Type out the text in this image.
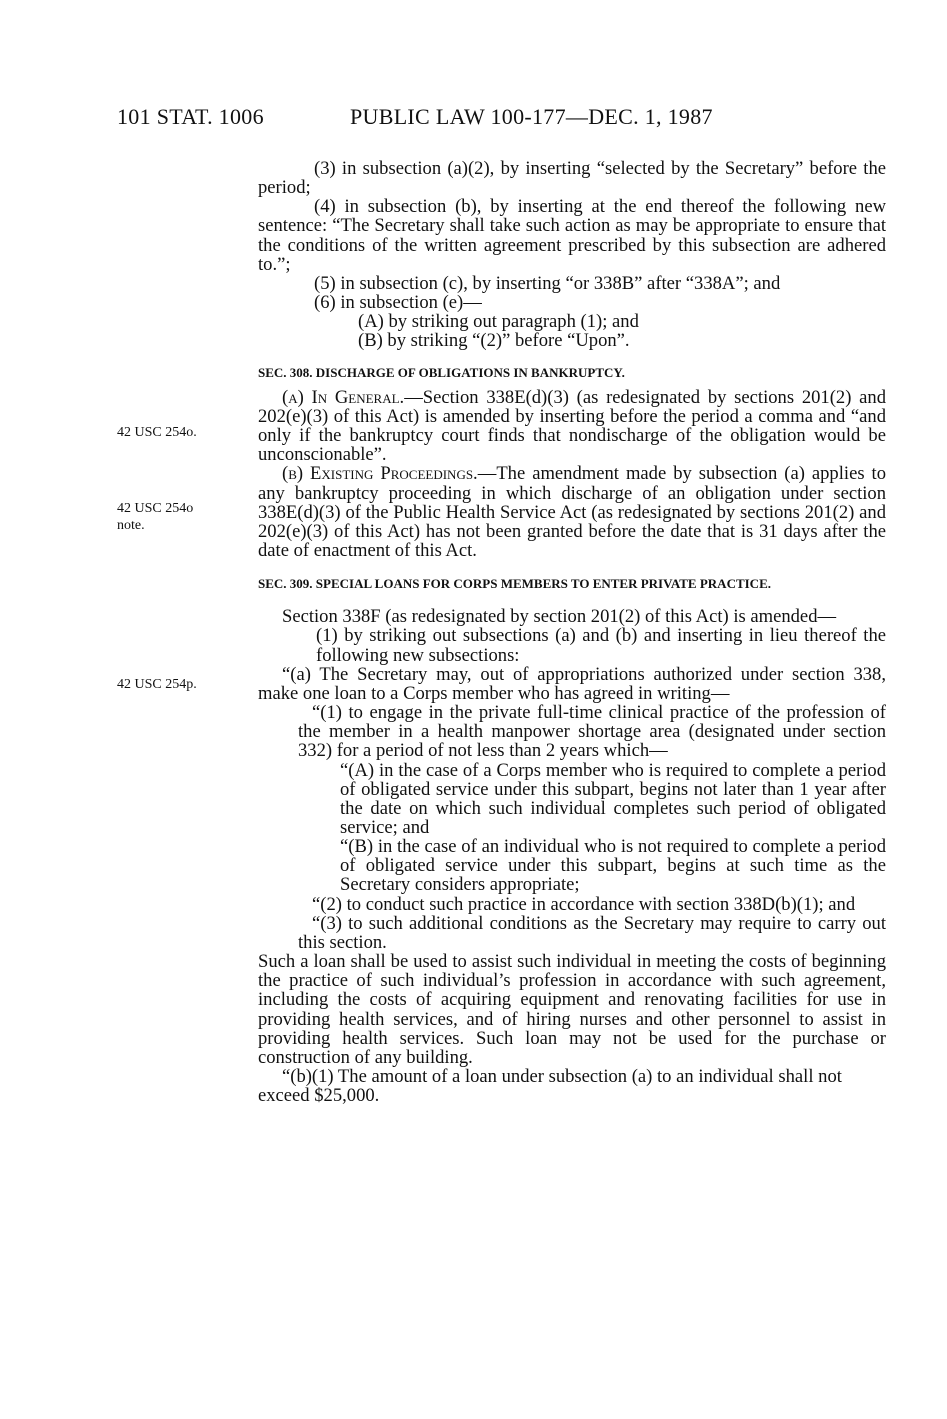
101 STAT. 1006	PUBLIC LAW 100-177—DEC. 1, 1987
42 USC 254o.
42 USC 254o note.
42 USC 254p.

(3) in subsection (a)(2), by inserting “selected by the Secretary” before the period;

(4) in subsection (b), by inserting at the end thereof the following new sentence: “The Secretary shall take such action as may be appropriate to ensure that the conditions of the written agreement prescribed by this subsection are adhered to.”;

(5) in subsection (c), by inserting “or 338B” after “338A”; and

(6) in subsection (e)—

(A) by striking out paragraph (1); and

(B) by striking “(2)” before “Upon”.

SEC. 308. DISCHARGE OF OBLIGATIONS IN BANKRUPTCY.

(a) In General.—Section 338E(d)(3) (as redesignated by sections 201(2) and 202(e)(3) of this Act) is amended by inserting before the period a comma and “and only if the bankruptcy court finds that nondischarge of the obligation would be unconscionable”.

(b) Existing Proceedings.—The amendment made by subsection (a) applies to any bankruptcy proceeding in which discharge of an obligation under section 338E(d)(3) of the Public Health Service Act (as redesignated by sections 201(2) and 202(e)(3) of this Act) has not been granted before the date that is 31 days after the date of enactment of this Act.

SEC. 309. SPECIAL LOANS FOR CORPS MEMBERS TO ENTER PRIVATE PRACTICE.

Section 338F (as redesignated by section 201(2) of this Act) is amended—

(1) by striking out subsections (a) and (b) and inserting in lieu thereof the following new subsections:

“(a) The Secretary may, out of appropriations authorized under section 338, make one loan to a Corps member who has agreed in writing—

“(1) to engage in the private full-time clinical practice of the profession of the member in a health manpower shortage area (designated under section 332) for a period of not less than 2 years which—

“(A) in the case of a Corps member who is required to complete a period of obligated service under this subpart, begins not later than 1 year after the date on which such individual completes such period of obligated service; and

“(B) in the case of an individual who is not required to complete a period of obligated service under this subpart, begins at such time as the Secretary considers appropriate;

“(2) to conduct such practice in accordance with section 338D(b)(1); and

“(3) to such additional conditions as the Secretary may require to carry out this section.

Such a loan shall be used to assist such individual in meeting the costs of beginning the practice of such individual’s profession in accordance with such agreement, including the costs of acquiring equipment and renovating facilities for use in providing health services, and of hiring nurses and other personnel to assist in providing health services. Such loan may not be used for the purchase or construction of any building.

“(b)(1) The amount of a loan under subsection (a) to an individual shall not exceed $25,000.
